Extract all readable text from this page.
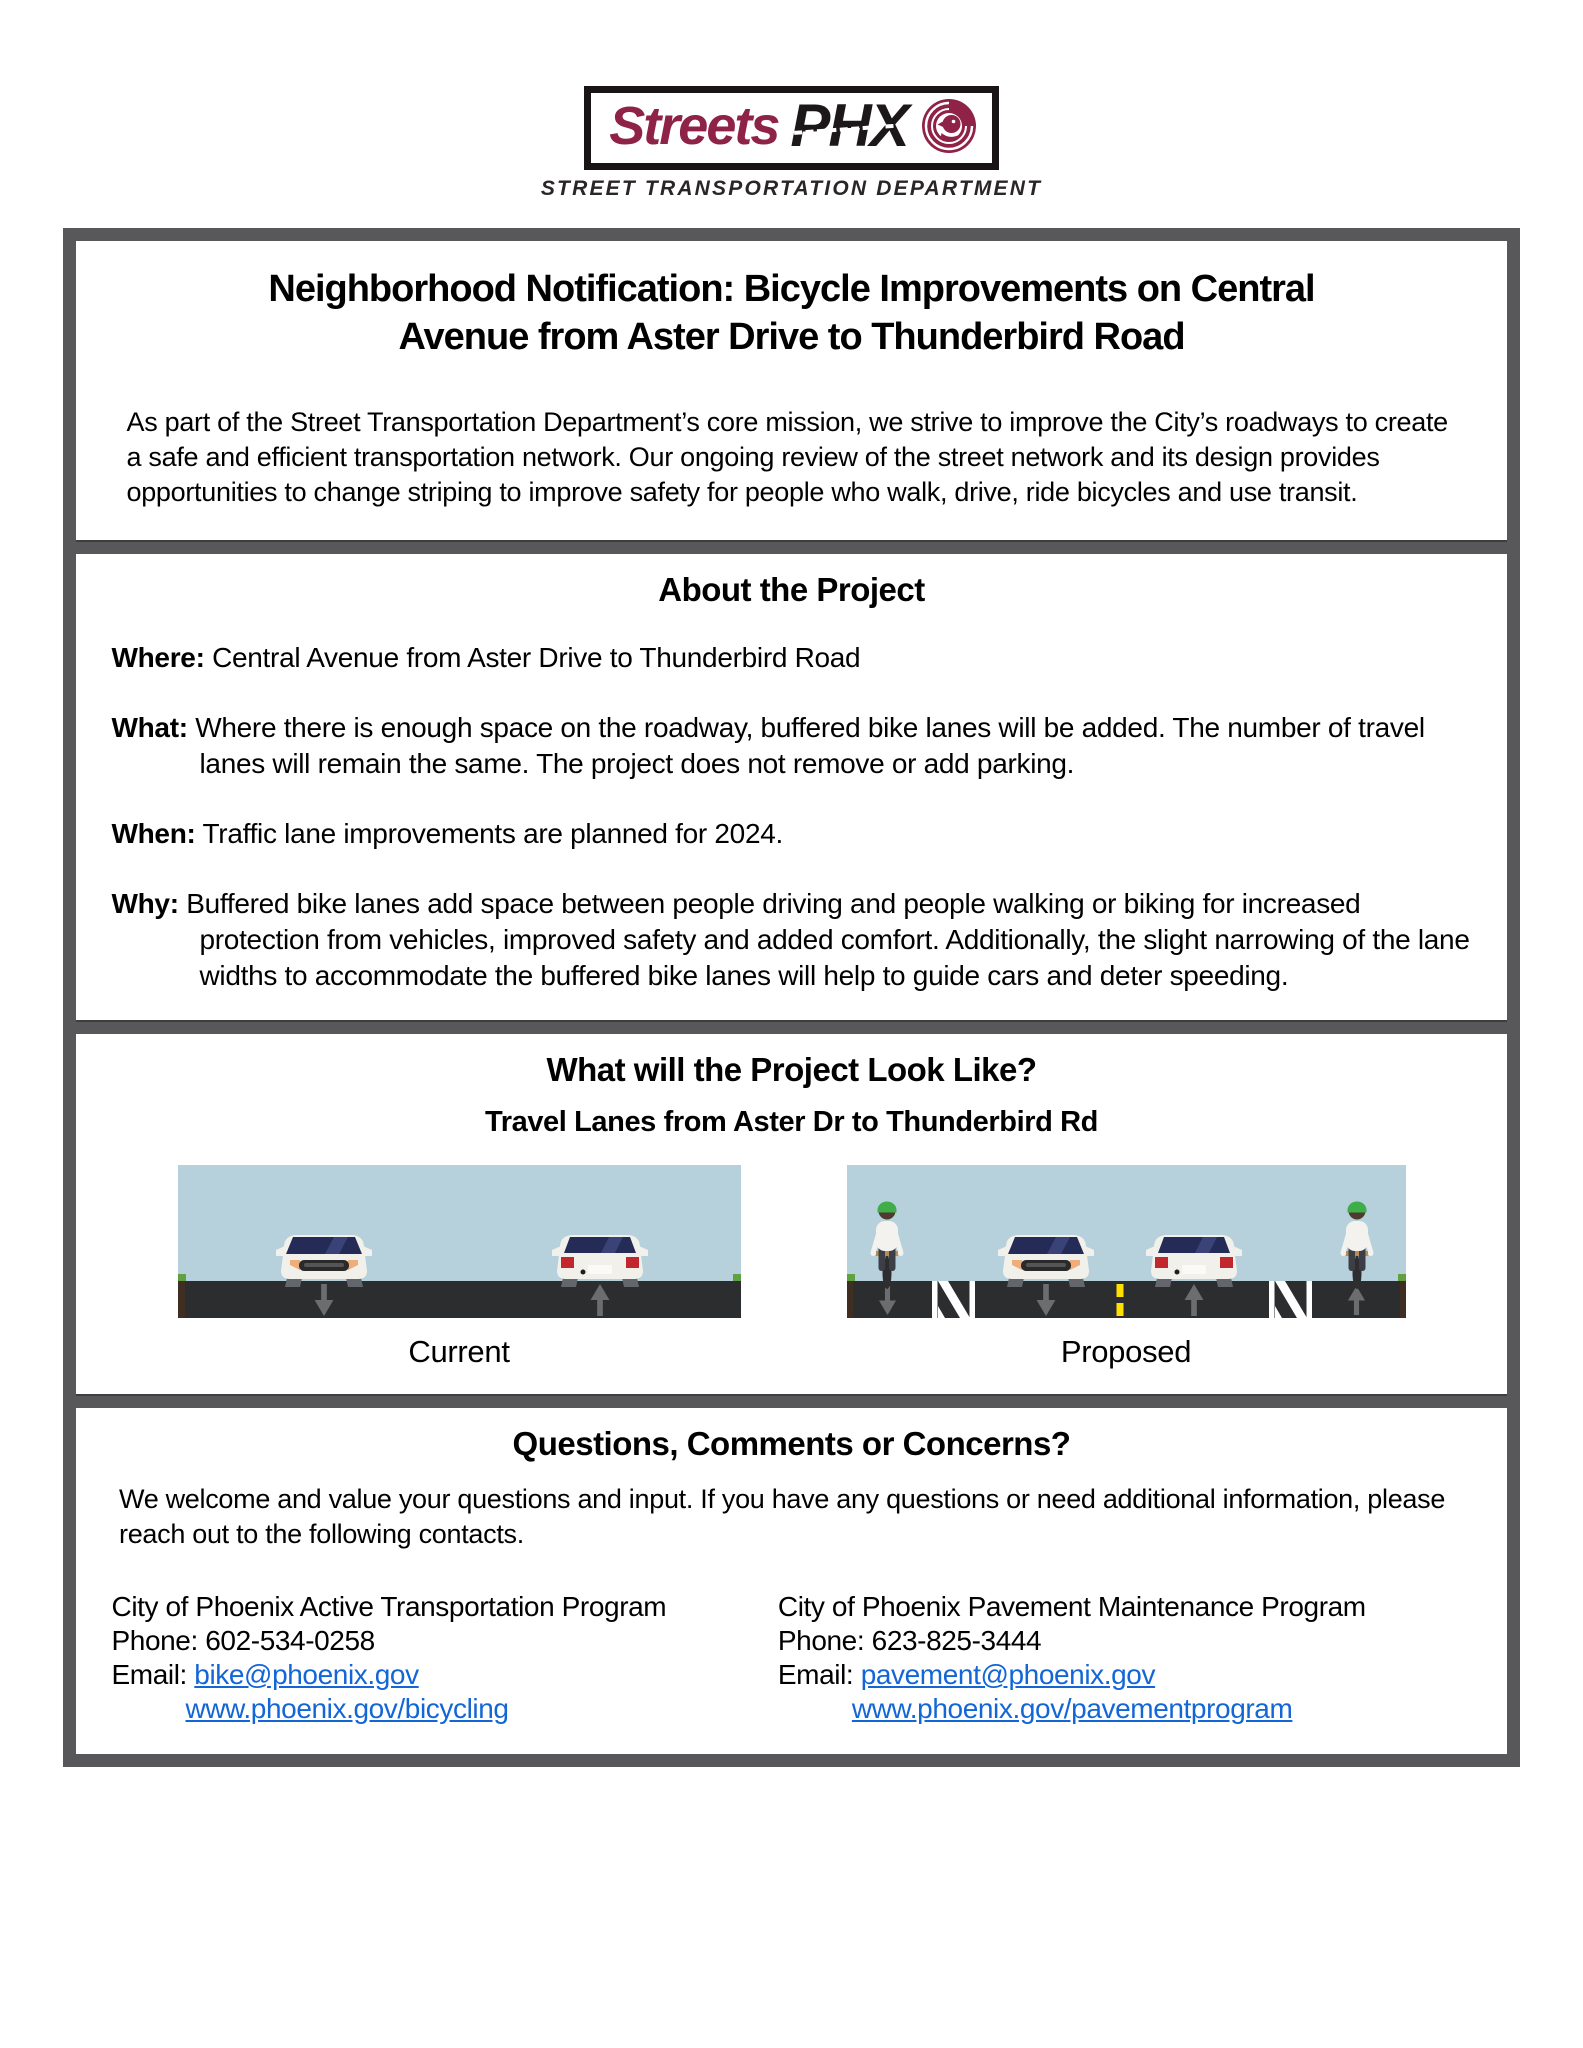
Streets PHX
STREET TRANSPORTATION DEPARTMENT
Neighborhood Notification: Bicycle Improvements on Central Avenue from Aster Drive to Thunderbird Road

As part of the Street Transportation Department’s core mission, we strive to improve the City’s roadways to create a safe and efficient transportation network. Our ongoing review of the street network and its design provides opportunities to change striping to improve safety for people who walk, drive, ride bicycles and use transit.

About the Project
Where: Central Avenue from Aster Drive to Thunderbird Road
What: Where there is enough space on the roadway, buffered bike lanes will be added. The number of travel lanes will remain the same. The project does not remove or add parking.
When: Traffic lane improvements are planned for 2024.
Why: Buffered bike lanes add space between people driving and people walking or biking for increased protection from vehicles, improved safety and added comfort. Additionally, the slight narrowing of the lane widths to accommodate the buffered bike lanes will help to guide cars and deter speeding.
What will the Project Look Like?
Travel Lanes from Aster Dr to Thunderbird Rd
Current	Proposed
Questions, Comments or Concerns?

We welcome and value your questions and input. If you have any questions or need additional information, please reach out to the following contacts.

City of Phoenix Active Transportation Program
Phone: 602-534-0258
Email: bike@phoenix.gov
www.phoenix.gov/bicycling
City of Phoenix Pavement Maintenance Program
Phone: 623-825-3444
Email: pavement@phoenix.gov
www.phoenix.gov/pavementprogram
